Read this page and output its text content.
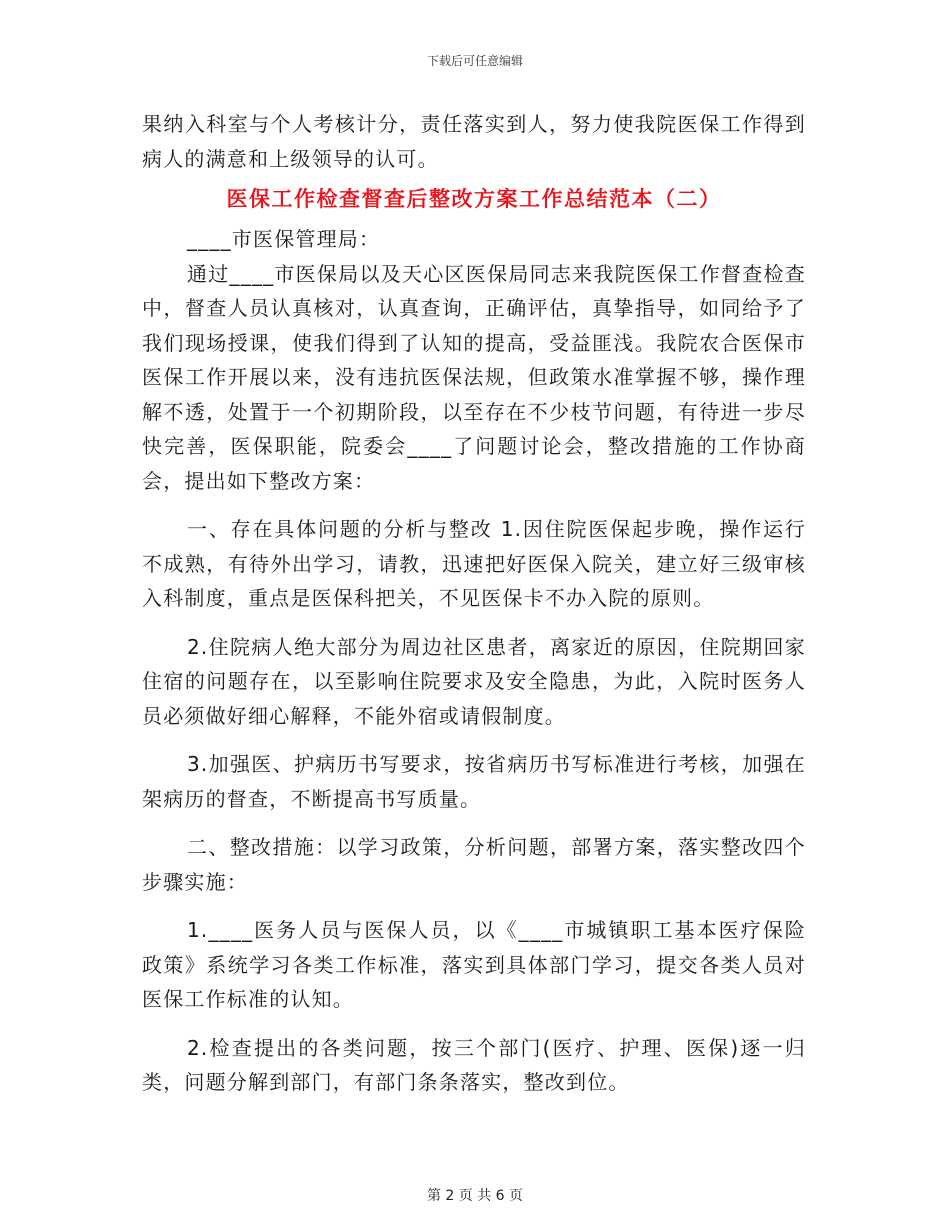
下载后可任意编辑

果纳入科室与个人考核计分，责任落实到人，努力使我院医保工作得到病人的满意和上级领导的认可。

医保工作检查督查后整改方案工作总结范本（二）

____市医保管理局：

通过____市医保局以及天心区医保局同志来我院医保工作督查检查中，督查人员认真核对，认真查询，正确评估，真挚指导，如同给予了我们现场授课，使我们得到了认知的提高，受益匪浅。我院农合医保市医保工作开展以来，没有违抗医保法规，但政策水准掌握不够，操作理解不透，处置于一个初期阶段，以至存在不少枝节问题，有待进一步尽快完善，医保职能，院委会____了问题讨论会，整改措施的工作协商会，提出如下整改方案：

一、存在具体问题的分析与整改 1.因住院医保起步晚，操作运行不成熟，有待外出学习，请教，迅速把好医保入院关，建立好三级审核入科制度，重点是医保科把关，不见医保卡不办入院的原则。

2.住院病人绝大部分为周边社区患者，离家近的原因，住院期回家住宿的问题存在，以至影响住院要求及安全隐患，为此，入院时医务人员必须做好细心解释，不能外宿或请假制度。

3.加强医、护病历书写要求，按省病历书写标准进行考核，加强在架病历的督查，不断提高书写质量。

二、整改措施：以学习政策，分析问题，部署方案，落实整改四个步骤实施：

1.____医务人员与医保人员，以《____市城镇职工基本医疗保险政策》系统学习各类工作标准，落实到具体部门学习，提交各类人员对医保工作标准的认知。

2.检查提出的各类问题，按三个部门(医疗、护理、医保)逐一归类，问题分解到部门，有部门条条落实，整改到位。

第 2 页 共 6 页
